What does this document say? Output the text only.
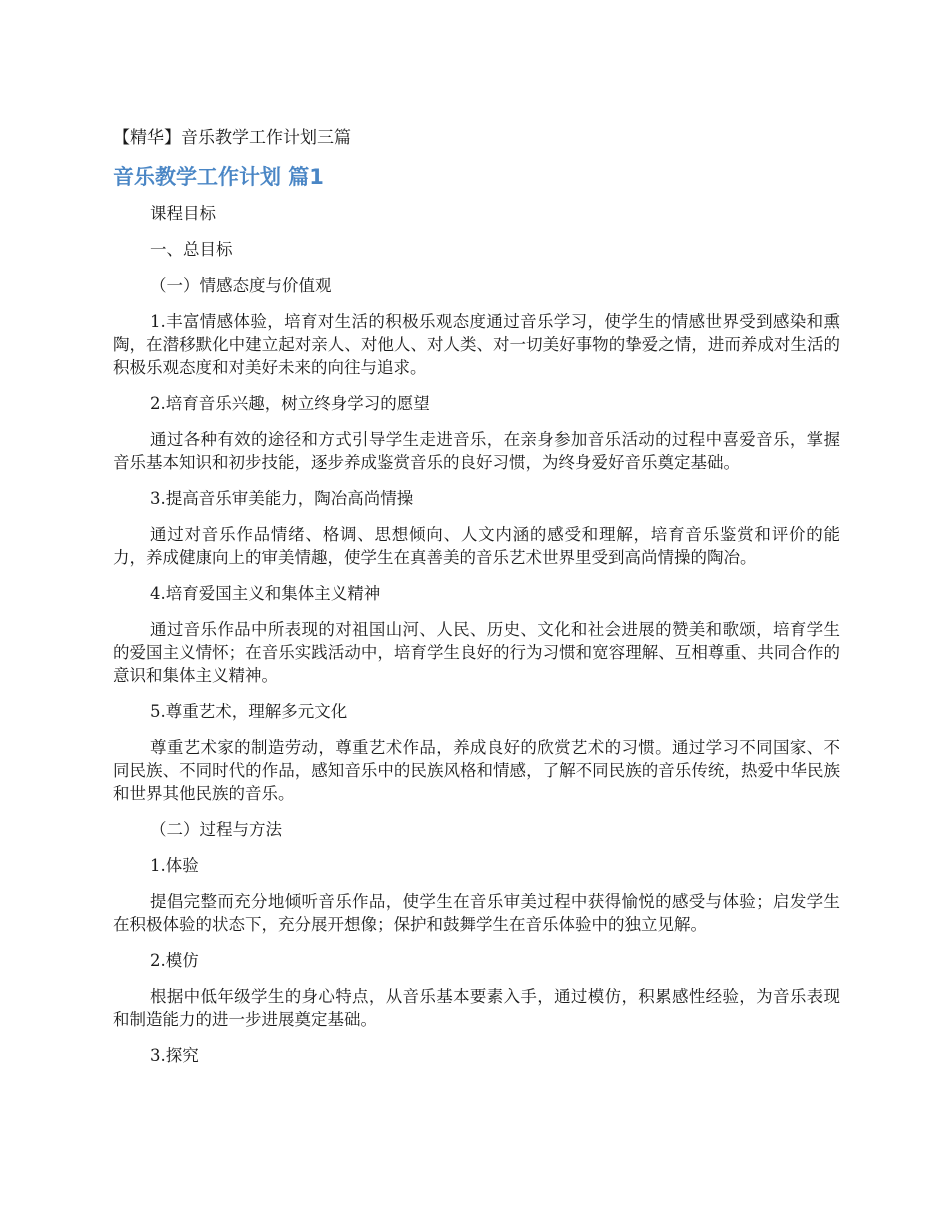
【精华】音乐教学工作计划三篇
音乐教学工作计划 篇1

课程目标

一、总目标

（一）情感态度与价值观

1.丰富情感体验，培育对生活的积极乐观态度通过音乐学习，使学生的情感世界受到感染和熏陶，在潜移默化中建立起对亲人、对他人、对人类、对一切美好事物的挚爱之情，进而养成对生活的积极乐观态度和对美好未来的向往与追求。

2.培育音乐兴趣，树立终身学习的愿望

通过各种有效的途径和方式引导学生走进音乐，在亲身参加音乐活动的过程中喜爱音乐，掌握音乐基本知识和初步技能，逐步养成鉴赏音乐的良好习惯，为终身爱好音乐奠定基础。

3.提高音乐审美能力，陶冶高尚情操

通过对音乐作品情绪、格调、思想倾向、人文内涵的感受和理解，培育音乐鉴赏和评价的能力，养成健康向上的审美情趣，使学生在真善美的音乐艺术世界里受到高尚情操的陶冶。

4.培育爱国主义和集体主义精神

通过音乐作品中所表现的对祖国山河、人民、历史、文化和社会进展的赞美和歌颂，培育学生的爱国主义情怀；在音乐实践活动中，培育学生良好的行为习惯和宽容理解、互相尊重、共同合作的意识和集体主义精神。

5.尊重艺术，理解多元文化

尊重艺术家的制造劳动，尊重艺术作品，养成良好的欣赏艺术的习惯。通过学习不同国家、不同民族、不同时代的作品，感知音乐中的民族风格和情感，了解不同民族的音乐传统，热爱中华民族和世界其他民族的音乐。

（二）过程与方法

1.体验

提倡完整而充分地倾听音乐作品，使学生在音乐审美过程中获得愉悦的感受与体验；启发学生在积极体验的状态下，充分展开想像；保护和鼓舞学生在音乐体验中的独立见解。

2.模仿

根据中低年级学生的身心特点，从音乐基本要素入手，通过模仿，积累感性经验，为音乐表现和制造能力的进一步进展奠定基础。

3.探究
